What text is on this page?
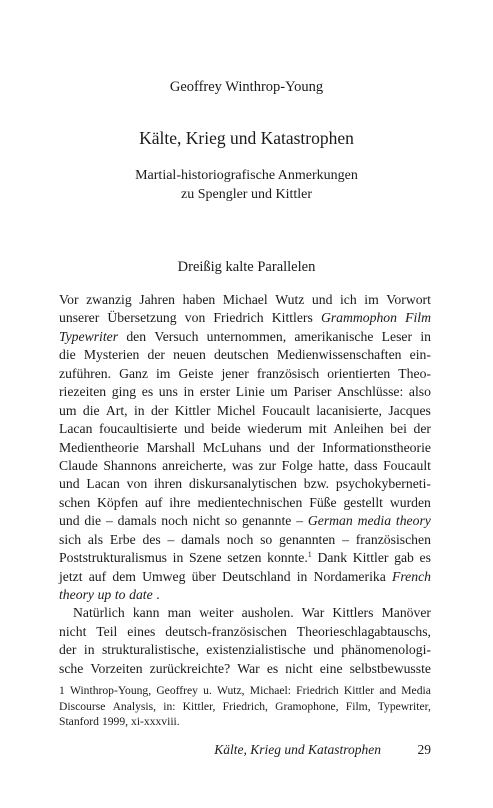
Geoffrey Winthrop-Young
Kälte, Krieg und Katastrophen
Martial-historiografische Anmerkungen
zu Spengler und Kittler
Dreißig kalte Parallelen
Vor zwanzig Jahren haben Michael Wutz und ich im Vorwort
unserer Übersetzung von Friedrich Kittlers Grammophon Film
Typewriter den Versuch unternommen, amerikanische Leser in
die Mysterien der neuen deutschen Medienwissenschaften ein-
zuführen. Ganz im Geiste jener französisch orientierten Theo-
riezeiten ging es uns in erster Linie um Pariser Anschlüsse: also
um die Art, in der Kittler Michel Foucault lacanisierte, Jacques
Lacan foucaultisierte und beide wiederum mit Anleihen bei der
Medientheorie Marshall McLuhans und der Informationstheorie
Claude Shannons anreicherte, was zur Folge hatte, dass Foucault
und Lacan von ihren diskursanalytischen bzw. psychokyberneti-
schen Köpfen auf ihre medientechnischen Füße gestellt wurden
und die – damals noch nicht so genannte – German media theory
sich als Erbe des – damals noch so genannten – französischen
Poststrukturalismus in Szene setzen konnte.$^1$ Dank Kittler gab es
jetzt auf dem Umweg über Deutschland in Nordamerika French
theory up to date .
Natürlich kann man weiter ausholen. War Kittlers Manöver
nicht Teil eines deutsch-französischen Theorieschlagabtauschs,
der in strukturalistische, existenzialistische und phänomenologi-
sche Vorzeiten zurückreichte? War es nicht eine selbstbewusste
1 Winthrop-Young, Geoffrey u. Wutz, Michael: Friedrich Kittler and Media
Discourse Analysis, in: Kittler, Friedrich, Gramophone, Film, Typewriter,
Stanford 1999, xi-xxxviii.
Kälte, Krieg und Katastrophen	29
